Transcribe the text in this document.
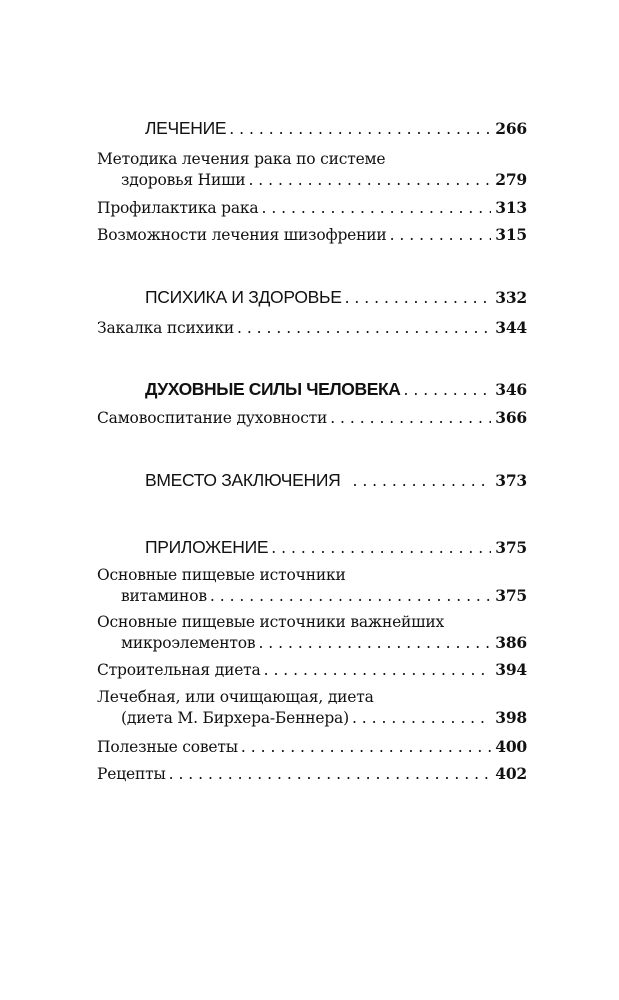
ЛЕЧЕНИЕ . . .	266
Методика лечения рака по системе
здоровья Ниши . . .	279
Профилактика рака . . .	313
Возможности лечения шизофрении . . .	315
ПСИХИКА И ЗДОРОВЬЕ . . .	332
Закалка психики . . .	344
ДУХОВНЫЕ СИЛЫ ЧЕЛОВЕКА . . .	346
Самовоспитание духовности . . .	366
ВМЕСТО ЗАКЛЮЧЕНИЯ . . .	373
ПРИЛОЖЕНИЕ . . .	375
Основные пищевые источники
витаминов . . .	375
Основные пищевые источники важнейших
микроэлементов . . .	386
Строительная диета . . .	394
Лечебная, или очищающая, диета
(диета М. Бирхера-Беннера) . . .	398
Полезные советы . . .	400
Рецепты . . .	402
